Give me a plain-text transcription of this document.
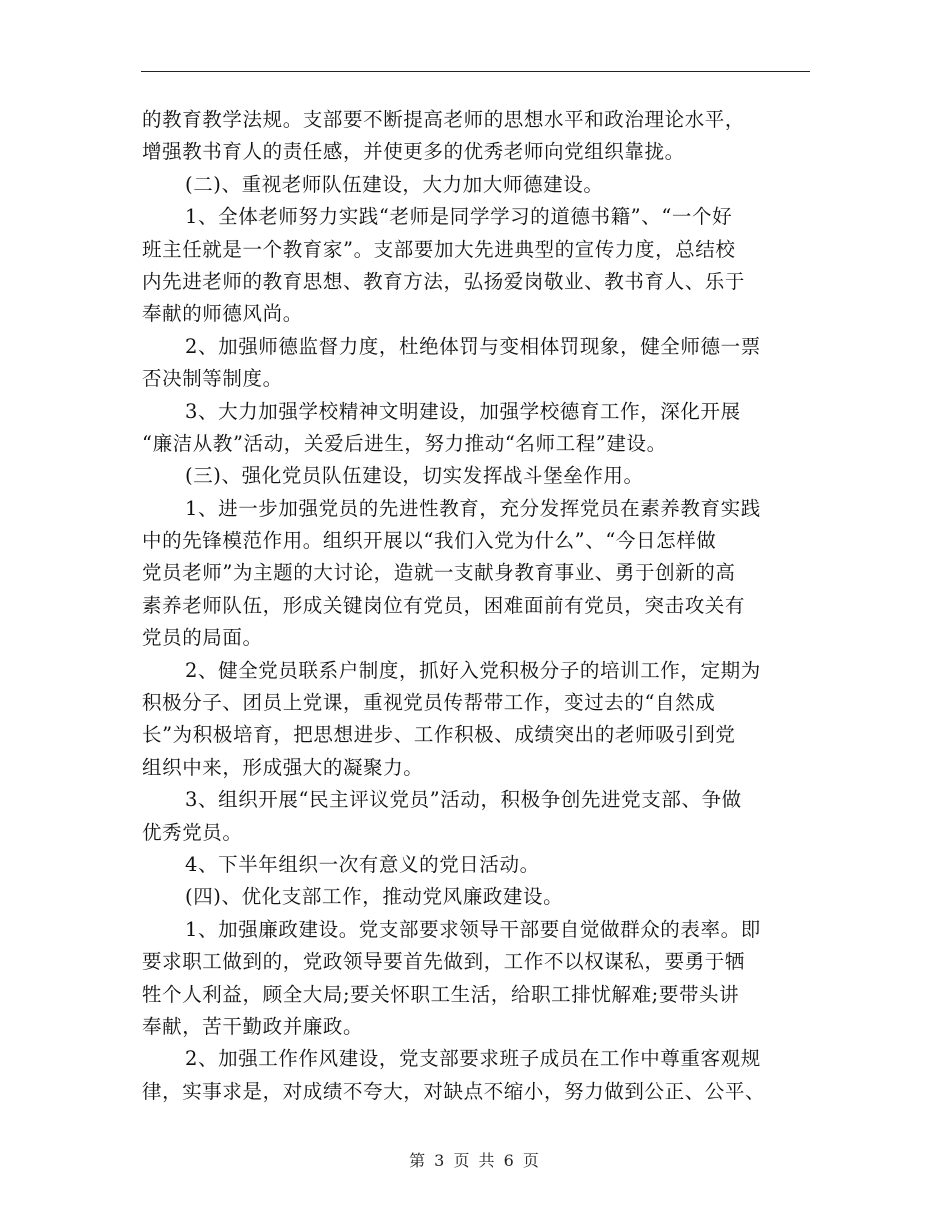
的教育教学法规。支部要不断提高老师的思想水平和政治理论水平，
增强教书育人的责任感，并使更多的优秀老师向党组织靠拢。
(二)、重视老师队伍建设，大力加大师德建设。
1、全体老师努力实践“老师是同学学习的道德书籍”、“一个好
班主任就是一个教育家”。支部要加大先进典型的宣传力度，总结校
内先进老师的教育思想、教育方法，弘扬爱岗敬业、教书育人、乐于
奉献的师德风尚。
2、加强师德监督力度，杜绝体罚与变相体罚现象，健全师德一票
否决制等制度。
3、大力加强学校精神文明建设，加强学校德育工作，深化开展
“廉洁从教”活动，关爱后进生，努力推动“名师工程”建设。
(三)、强化党员队伍建设，切实发挥战斗堡垒作用。
1、进一步加强党员的先进性教育，充分发挥党员在素养教育实践
中的先锋模范作用。组织开展以“我们入党为什么”、“今日怎样做
党员老师”为主题的大讨论，造就一支献身教育事业、勇于创新的高
素养老师队伍，形成关键岗位有党员，困难面前有党员，突击攻关有
党员的局面。
2、健全党员联系户制度，抓好入党积极分子的培训工作，定期为
积极分子、团员上党课，重视党员传帮带工作，变过去的“自然成
长”为积极培育，把思想进步、工作积极、成绩突出的老师吸引到党
组织中来，形成强大的凝聚力。
3、组织开展“民主评议党员”活动，积极争创先进党支部、争做
优秀党员。
4、下半年组织一次有意义的党日活动。
(四)、优化支部工作，推动党风廉政建设。
1、加强廉政建设。党支部要求领导干部要自觉做群众的表率。即
要求职工做到的，党政领导要首先做到，工作不以权谋私，要勇于牺
牲个人利益，顾全大局;要关怀职工生活，给职工排忧解难;要带头讲
奉献，苦干勤政并廉政。
2、加强工作作风建设，党支部要求班子成员在工作中尊重客观规
律，实事求是，对成绩不夸大，对缺点不缩小，努力做到公正、公平、
第 3 页 共 6 页
